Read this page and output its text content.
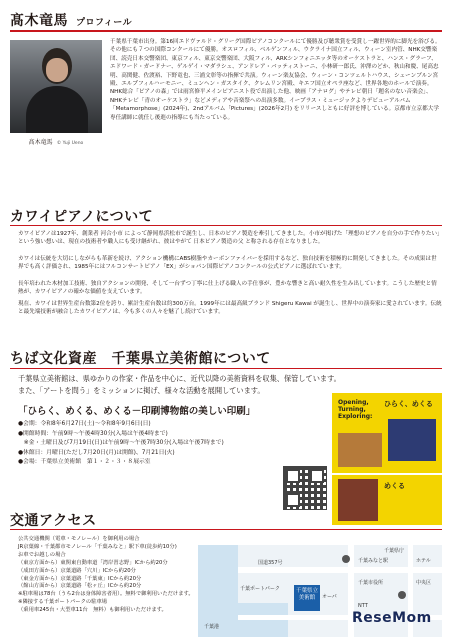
髙木竜馬 プロフィール
髙木竜馬 © Yuji Ueno
千葉県千葉市出身。第16回エドヴァルド・グリーグ国際ピアノコンクールにて優勝及び聴衆賞を受賞し一躍世界的に脚光を浴びる。その他にも７つの国際コンクールにて優勝。オスロフィル、ベルゲンフィル、ウクライナ国立フィル、ウィーン室内管、NHK交響楽団、読売日本交響楽団、東京フィル、東京交響楽団、大阪フィル、ARKシンフォニエッタ等のオーケストラと、ハンス・グラーフ、エドワード・ガードナー、ゲルゲイ・マダラシュ、アンドレア・バッティストーニ、小林研一郎氏、沖澤のどか、秋山和慶、尾高忠明、高関健、佐渡裕、下野竜也、三浦文彰等の指揮で共演。ウィーン楽友協会、ウィーン・コンツェルトハウス、シェーンブルン宮殿、エルプフィルハーモニー、ミュンヘン・ガスタイク、クレムリン宮殿、キエフ国立オペラ座など、世界各地のホールで演奏。NHK総合「ピアノの森」では雨宮修平メインピアニスト役で出演した他、映画「アナログ」やテレビ朝日「題名のない音楽会」、NHKテレビ「青のオーケストラ」などメディアや音楽祭への出演多数。イープラス・ミュージックよりデビューアルバム「Metamorphose」(2024年)、2ndアルバム「Pictures」(2026年2月) をリリースしともに好評を博している。京都市立京都大学専任講師に就任し後進の指導にも当たっている。
カワイピアノについて
カワイピアノは1927年、創業者 河合小市 によって静岡県浜松市で誕生し、日本のピアノ製造を牽引してきました。小市が掲げた「理想のピアノを自分の手で作りたい」という強い想いは、現在の技術者や職人にも受け継がれ、彼はやがて 日本ピアノ製造の父 と称される存在となりました。
カワイは伝統を大切にしながらも革新を続け、アクション機構にABS樹脂やカーボンファイバーを採用するなど、独自技術を積極的に開発してきました。その成果は世界でも高く評価され、1985年にはフルコンサートピアノ「EX」がショパン国際ピアノコンクールの公式ピアノに選ばれています。
長年培われた木材加工技術、独自アクションの開発、そして一台ずつ丁寧に仕上げる職人の手仕事が、豊かな響きと高い耐久性を生み出しています。こうした歴史と情熱が、カワイピアノの確かな価値を支えています。
現在、カワイは世界生産台数第2位を誇り、累計生産台数は約300万台。1999年には最高級ブランド Shigeru Kawai が誕生し、世界中の演奏家に愛されています。伝統と最先端技術が融合したカワイピアノは、今も多くの人々を魅了し続けています。
ちば文化資産　千葉県立美術館について
千葉県立美術館は、県ゆかりの作家・作品を中心に、近代以降の美術資料を収集、保管しています。
また、「アートを問う」をミッションに掲げ、様々な活動を展開しています。
「ひらく、めくる、めくる－印刷博物館の美しい印刷」
●会期：令和8年6月27日(土)～令和8年9月6日(日)
●開館時間：午前9時～午後4時30分(入場は午後4時まで)
　※金・土曜日及び7月19日(日)は午前9時～午後7時30分(入場は午後7時まで)
●休館日：月曜日(ただし7月20日(月)は開館)、7月21日(火)
●会場：千葉県立美術館　第１・２・３・８展示室
Opening,
Turning,
Exploring:
ひらく、めくる
めくる
交通アクセス
公共交通機関（電車・モノレール）を御利用の場合
JR京葉線・千葉都市モノレール「千葉みなと」駅下車(徒歩約10分)
お車でお越しの場合
（東京方面から）東関東自動車道「湾岸習志野」ICから約20分
（成田方面から）京葉道路「穴川」ICから約20分
（東金方面から）京葉道路「千葉東」ICから約20分
（館山方面から）京葉道路「松ヶ丘」ICから約20分
※駐車場は78台（うち2台は身体障害者用）。無料で御利用いただけます。
※隣接する千葉ポートパークの駐車場
（乗用車245台・大型車11台　無料）も御利用いただけます。
千葉ポートパーク
千葉みなと駅
千葉市役所	中央区
千葉港
国道357号
オーパ
NTT
千葉県庁
ホテル
千葉県立美術館
ReseMom
